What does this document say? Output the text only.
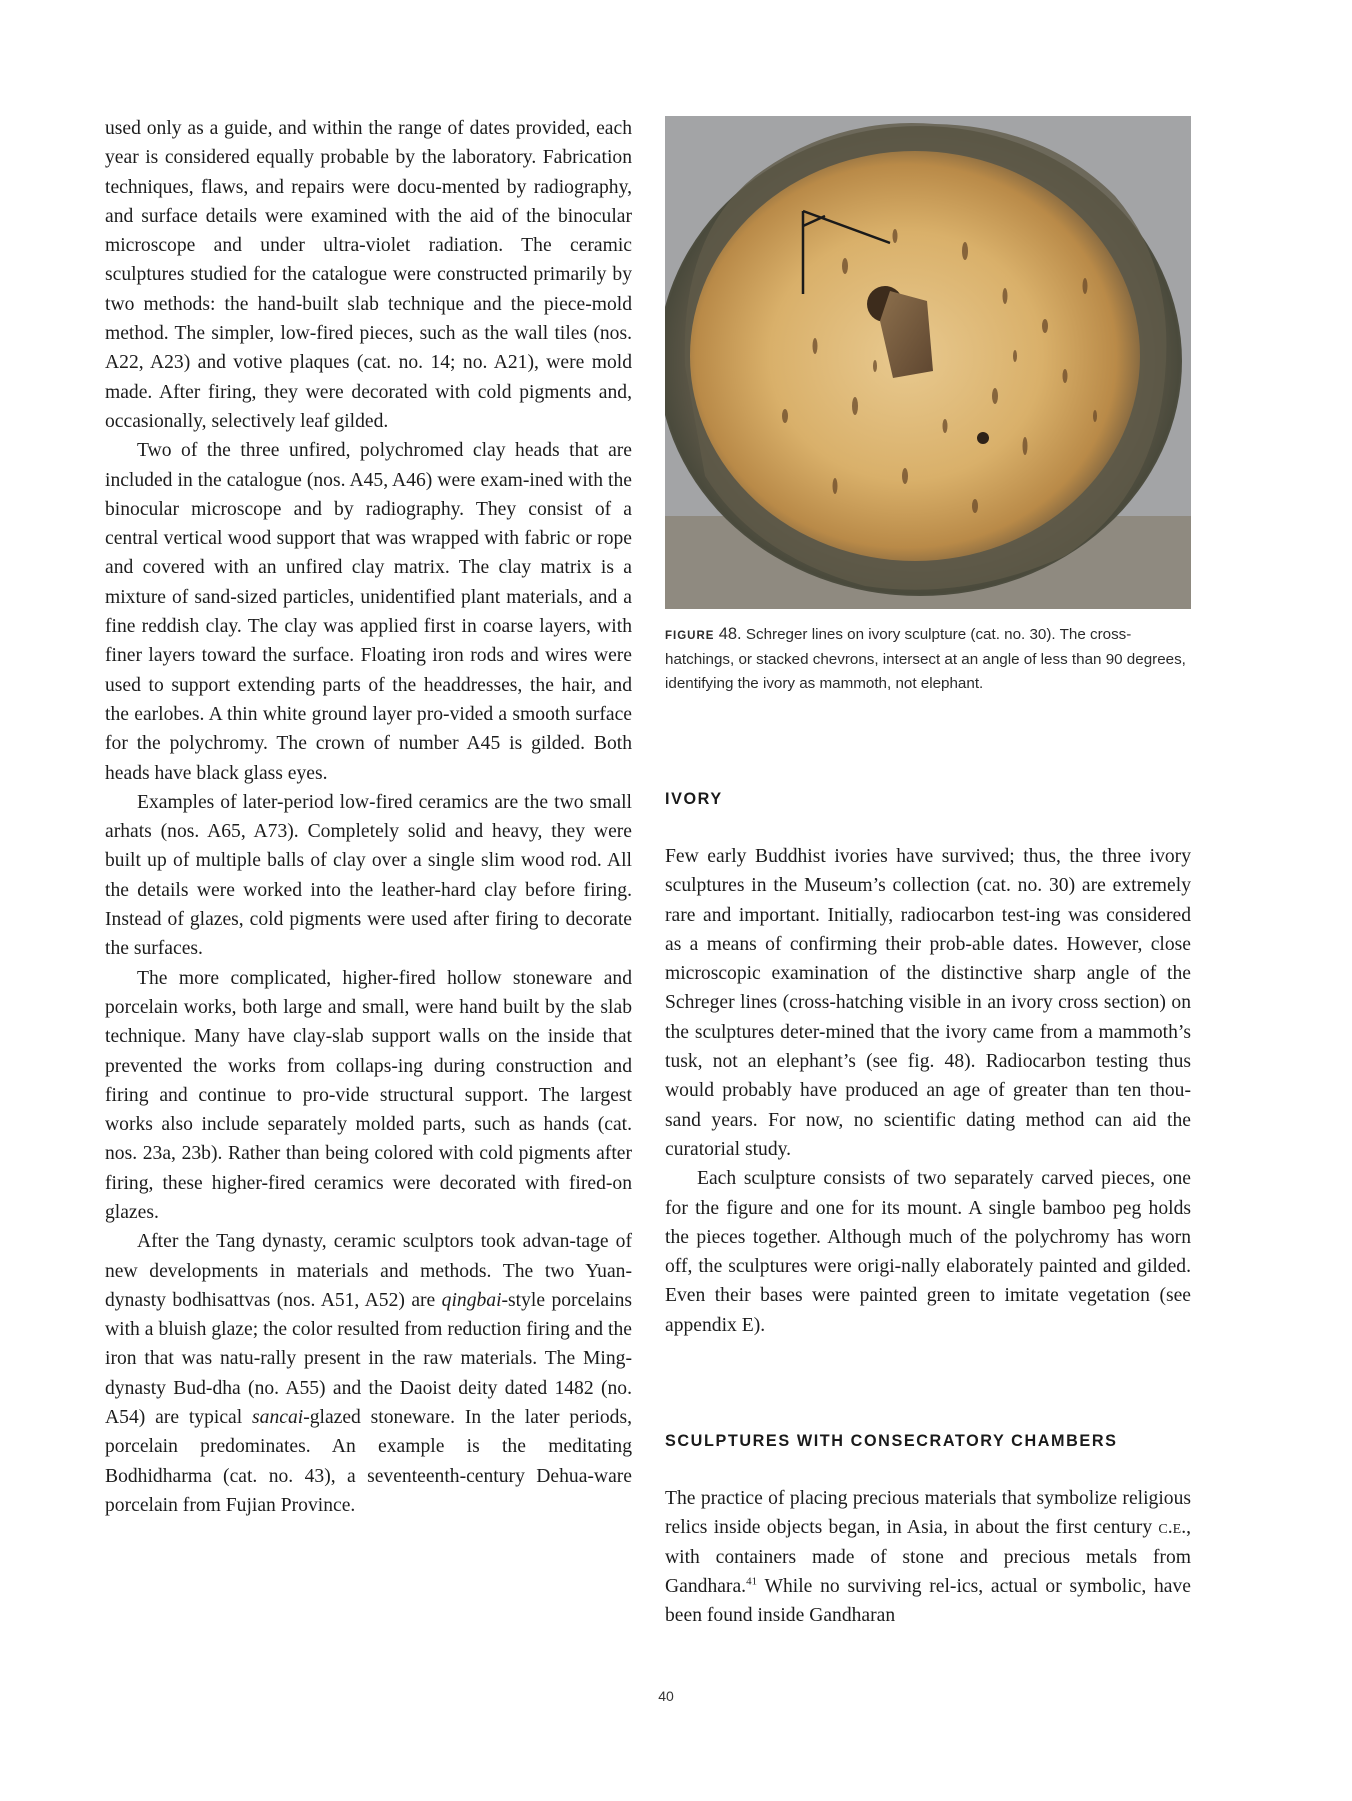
used only as a guide, and within the range of dates provided, each year is considered equally probable by the laboratory. Fabrication techniques, flaws, and repairs were docu-mented by radiography, and surface details were examined with the aid of the binocular microscope and under ultra-violet radiation. The ceramic sculptures studied for the catalogue were constructed primarily by two methods: the hand-built slab technique and the piece-mold method. The simpler, low-fired pieces, such as the wall tiles (nos. A22, A23) and votive plaques (cat. no. 14; no. A21), were mold made. After firing, they were decorated with cold pigments and, occasionally, selectively leaf gilded.

Two of the three unfired, polychromed clay heads that are included in the catalogue (nos. A45, A46) were exam-ined with the binocular microscope and by radiography. They consist of a central vertical wood support that was wrapped with fabric or rope and covered with an unfired clay matrix. The clay matrix is a mixture of sand-sized particles, unidentified plant materials, and a fine reddish clay. The clay was applied first in coarse layers, with finer layers toward the surface. Floating iron rods and wires were used to support extending parts of the headdresses, the hair, and the earlobes. A thin white ground layer pro-vided a smooth surface for the polychromy. The crown of number A45 is gilded. Both heads have black glass eyes.

Examples of later-period low-fired ceramics are the two small arhats (nos. A65, A73). Completely solid and heavy, they were built up of multiple balls of clay over a single slim wood rod. All the details were worked into the leather-hard clay before firing. Instead of glazes, cold pigments were used after firing to decorate the surfaces.

The more complicated, higher-fired hollow stoneware and porcelain works, both large and small, were hand built by the slab technique. Many have clay-slab support walls on the inside that prevented the works from collaps-ing during construction and firing and continue to pro-vide structural support. The largest works also include separately molded parts, such as hands (cat. nos. 23a, 23b). Rather than being colored with cold pigments after firing, these higher-fired ceramics were decorated with fired-on glazes.

After the Tang dynasty, ceramic sculptors took advan-tage of new developments in materials and methods. The two Yuan-dynasty bodhisattvas (nos. A51, A52) are qingbai-style porcelains with a bluish glaze; the color resulted from reduction firing and the iron that was natu-rally present in the raw materials. The Ming-dynasty Bud-dha (no. A55) and the Daoist deity dated 1482 (no. A54) are typical sancai-glazed stoneware. In the later periods, porcelain predominates. An example is the meditating Bodhidharma (cat. no. 43), a seventeenth-century Dehua-ware porcelain from Fujian Province.

FIGURE 48. Schreger lines on ivory sculpture (cat. no. 30). The cross-hatchings, or stacked chevrons, intersect at an angle of less than 90 degrees, identifying the ivory as mammoth, not elephant.
IVORY

Few early Buddhist ivories have survived; thus, the three ivory sculptures in the Museum’s collection (cat. no. 30) are extremely rare and important. Initially, radiocarbon test-ing was considered as a means of confirming their prob-able dates. However, close microscopic examination of the distinctive sharp angle of the Schreger lines (cross-hatching visible in an ivory cross section) on the sculptures deter-mined that the ivory came from a mammoth’s tusk, not an elephant’s (see fig. 48). Radiocarbon testing thus would probably have produced an age of greater than ten thou-sand years. For now, no scientific dating method can aid the curatorial study.

Each sculpture consists of two separately carved pieces, one for the figure and one for its mount. A single bamboo peg holds the pieces together. Although much of the polychromy has worn off, the sculptures were origi-nally elaborately painted and gilded. Even their bases were painted green to imitate vegetation (see appendix E).

SCULPTURES WITH CONSECRATORY CHAMBERS

The practice of placing precious materials that symbolize religious relics inside objects began, in Asia, in about the first century c.e., with containers made of stone and precious metals from Gandhara.$^{41}$ While no surviving rel-ics, actual or symbolic, have been found inside Gandharan

40
